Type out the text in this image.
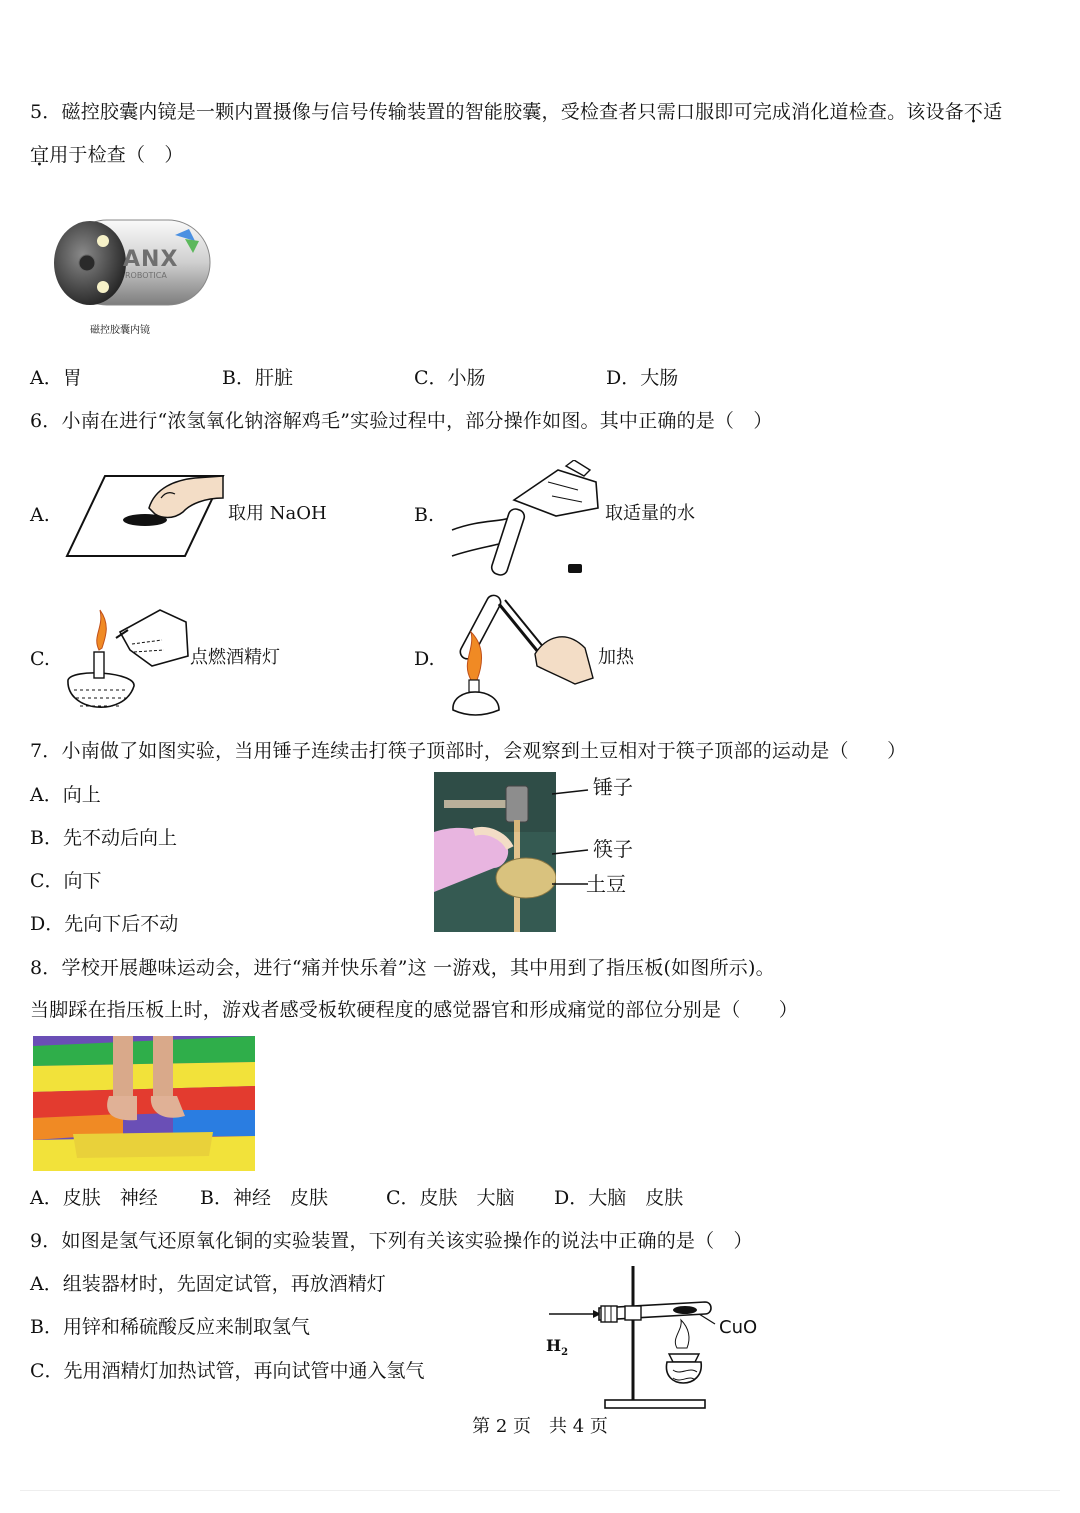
5．磁控胶囊内镜是一颗内置摄像与信号传输装置的智能胶囊，受检查者只需口服即可完成消化道检查。该设备不适
宜用于检查（　）
ANX
ROBOTICA
磁控胶囊内镜
A．胃	B．肝脏	C．小肠	D．大肠
6．小南在进行“浓氢氧化钠溶解鸡毛”实验过程中，部分操作如图。其中正确的是（　）
A.	取用 NaOH	B.	取适量的水
C.	点燃酒精灯	D.	加热
7．小南做了如图实验，当用锤子连续击打筷子顶部时，会观察到土豆相对于筷子顶部的运动是（　　）
A．向上
B．先不动后向上
C．向下
D．先向下后不动
锤子
筷子
土豆
8．学校开展趣味运动会，进行“痛并快乐着”这 一游戏，其中用到了指压板(如图所示)。
当脚踩在指压板上时，游戏者感受板软硬程度的感觉器官和形成痛觉的部位分别是（　　）
A．皮肤　神经 B．神经　皮肤	C．皮肤　大脑 D．大脑　皮肤
9．如图是氢气还原氧化铜的实验装置，下列有关该实验操作的说法中正确的是（　）
A．组装器材时，先固定试管，再放酒精灯
B．用锌和稀硫酸反应来制取氢气
C．先用酒精灯加热试管，再向试管中通入氢气
CuO
$H_2$
第 2 页　共 4 页
